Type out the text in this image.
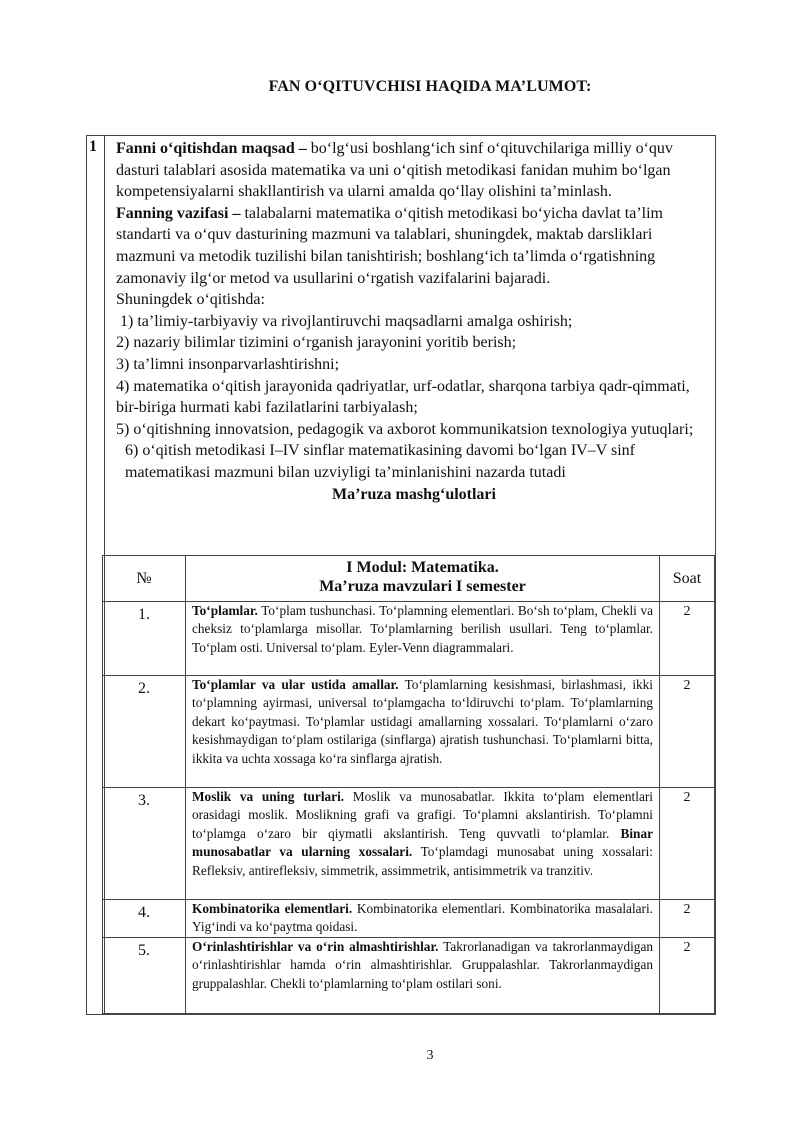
FAN O‘QITUVCHISI HAQIDA MA’LUMOT:
1 Fanni o‘qitishdan maqsad – bo‘lg‘usi boshlang‘ich sinf o‘qituvchilariga milliy o‘quv dasturi talablari asosida matematika va uni o‘qitish metodikasi fanidan muhim bo‘lgan kompetensiyalarni shakllantirish va ularni amalda qo‘llay olishini ta’minlash.

Fanning vazifasi – talabalarni matematika o‘qitish metodikasi bo‘yicha davlat ta’lim standarti va o‘quv dasturining mazmuni va talablari, shuningdek, maktab darsliklari mazmuni va metodik tuzilishi bilan tanishtirish; boshlang‘ich ta’limda o‘rgatishning zamonaviy ilg‘or metod va usullarini o‘rgatish vazifalarini bajaradi.

Shuningdek o‘qitishda:

1) ta’limiy-tarbiyaviy va rivojlantiruvchi maqsadlarni amalga oshirish;

2) nazariy bilimlar tizimini o‘rganish jarayonini yoritib berish;

3) ta’limni insonparvarlashtirishni;

4) matematika o‘qitish jarayonida qadriyatlar, urf-odatlar, sharqona tarbiya qadr-qimmati, bir-biriga hurmati kabi fazilatlarini tarbiyalash;

5) o‘qitishning innovatsion, pedagogik va axborot kommunikatsion texnologiya yutuqlari;

6) o‘qitish metodikasi I–IV sinflar matematikasining davomi bo‘lgan IV–V sinf matematikasi mazmuni bilan uzviyligi ta’minlanishini nazarda tutadi

Ma’ruza mashg‘ulotlari

№	I Modul: Matematika.
Ma’ruza mavzulari I semester	Soat
1.	To‘plamlar. To‘plam tushunchasi. To‘plamning elementlari. Bo‘sh to‘plam, Chekli va cheksiz to‘plamlarga misollar. To‘plamlarning berilish usullari. Teng to‘plamlar. To‘plam osti. Universal to‘plam. Eyler-Venn diagrammalari.	2
2.	To‘plamlar va ular ustida amallar. To‘plamlarning kesishmasi, birlashmasi, ikki to‘plamning ayirmasi, universal to‘plamgacha to‘ldiruvchi to‘plam. To‘plamlarning dekart ko‘paytmasi. To‘plamlar ustidagi amallarning xossalari. To‘plamlarni o‘zaro kesishmaydigan to‘plam ostilariga (sinflarga) ajratish tushunchasi. To‘plamlarni bitta, ikkita va uchta xossaga ko‘ra sinflarga ajratish.	2
3.	Moslik va uning turlari. Moslik va munosabatlar. Ikkita to‘plam elementlari orasidagi moslik. Moslikning grafi va grafigi. To‘plamni akslantirish. To‘plamni to‘plamga o‘zaro bir qiymatli akslantirish. Teng quvvatli to‘plamlar. Binar munosabatlar va ularning xossalari. To‘plamdagi munosabat uning xossalari: Refleksiv, antirefleksiv, simmetrik, assimmetrik, antisimmetrik va tranzitiv.	2
4.	Kombinatorika elementlari. Kombinatorika elementlari. Kombinatorika masalalari. Yig‘indi va ko‘paytma qoidasi.	2
5.	O‘rinlashtirishlar va o‘rin almashtirishlar. Takrorlanadigan va takrorlanmaydigan o‘rinlashtirishlar hamda o‘rin almashtirishlar. Gruppalashlar. Takrorlanmaydigan gruppalashlar. Chekli to‘plamlarning to‘plam ostilari soni.	2
3
